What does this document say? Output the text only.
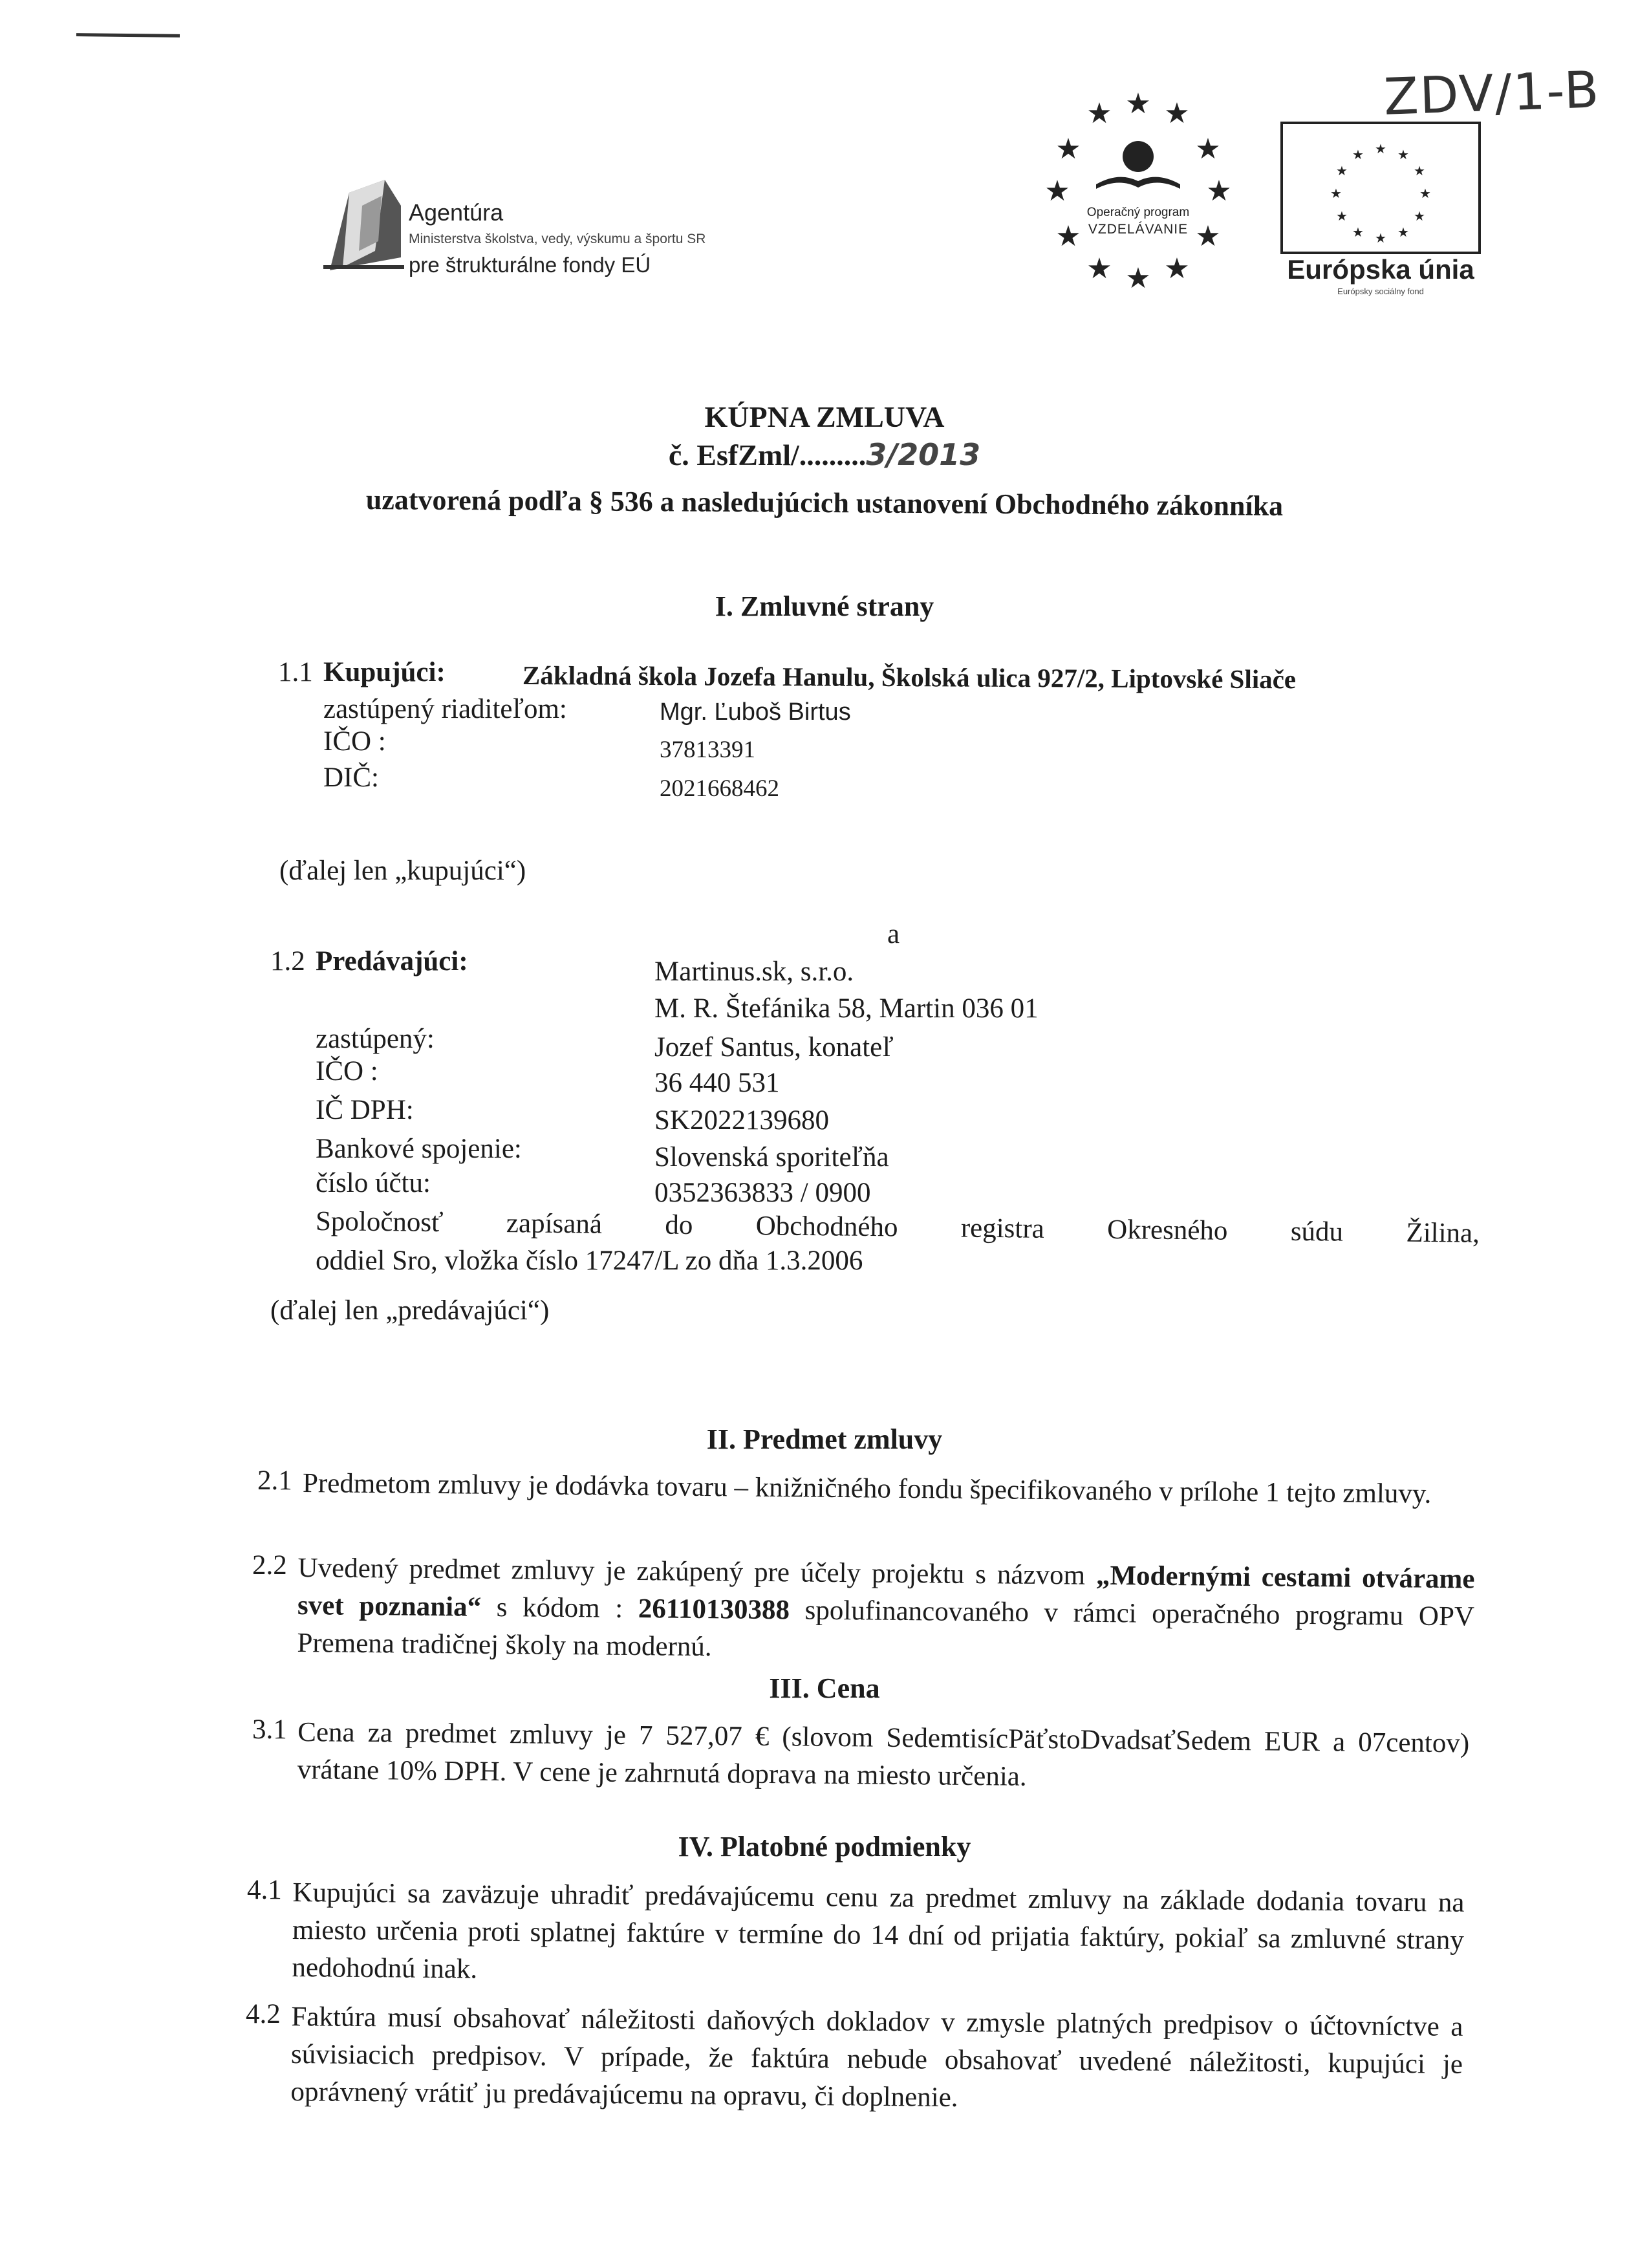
ZDV/1-B
Agentúra
Ministerstva školstva, vedy, výskumu a športu SR
pre štrukturálne fondy EÚ
★ ★ ★
★	★
★	★
★	★
★ ★ ★
Operačný program
VZDELÁVANIE
★ ★
★
★
★
★
★
★
★
★
★
★
Európska únia
Európsky sociálny fond
KÚPNA ZMLUVA
č. EsfZml/.........3/2013
uzatvorená podľa § 536 a nasledujúcich ustanovení Obchodného zákonníka
I. Zmluvné strany
1.1 Kupujúci:	Základná škola Jozefa Hanulu, Školská ulica 927/2, Liptovské Sliače
zastúpený riaditeľom:	Mgr. Ľuboš Birtus
IČO :	37813391
DIČ:	2021668462
(ďalej len „kupujúci“)
a
1.2 Predávajúci:	Martinus.sk, s.r.o.
M. R. Štefánika 58, Martin 036 01
zastúpený:	Jozef Santus, konateľ
IČO :	36 440 531
IČ DPH:	SK2022139680
Bankové spojenie:	Slovenská sporiteľňa
číslo účtu:	0352363833 / 0900
Spoločnosť zapísaná do Obchodného registra Okresného súdu Žilina,
oddiel Sro, vložka číslo 17247/L zo dňa 1.3.2006
(ďalej len „predávajúci“)
II. Predmet zmluvy
2.1 Predmetom zmluvy je dodávka tovaru – knižničného fondu špecifikovaného v prílohe 1 tejto zmluvy.
2.2 Uvedený predmet zmluvy je zakúpený pre účely projektu s názvom „Modernými cestami otvárame svet poznania“ s kódom : 26110130388 spolufinancovaného v rámci operačného programu OPV Premena tradičnej školy na modernú.
III. Cena
3.1 Cena za predmet zmluvy je 7 527,07 € (slovom SedemtisícPäťstoDvadsaťSedem EUR a 07centov) vrátane 10% DPH. V cene je zahrnutá doprava na miesto určenia.
IV. Platobné podmienky
4.1 Kupujúci sa zaväzuje uhradiť predávajúcemu cenu za predmet zmluvy na základe dodania tovaru na miesto určenia proti splatnej faktúre v termíne do 14 dní od prijatia faktúry, pokiaľ sa zmluvné strany nedohodnú inak.
4.2 Faktúra musí obsahovať náležitosti daňových dokladov v zmysle platných predpisov o účtovníctve a súvisiacich predpisov. V prípade, že faktúra nebude obsahovať uvedené náležitosti, kupujúci je oprávnený vrátiť ju predávajúcemu na opravu, či doplnenie.
